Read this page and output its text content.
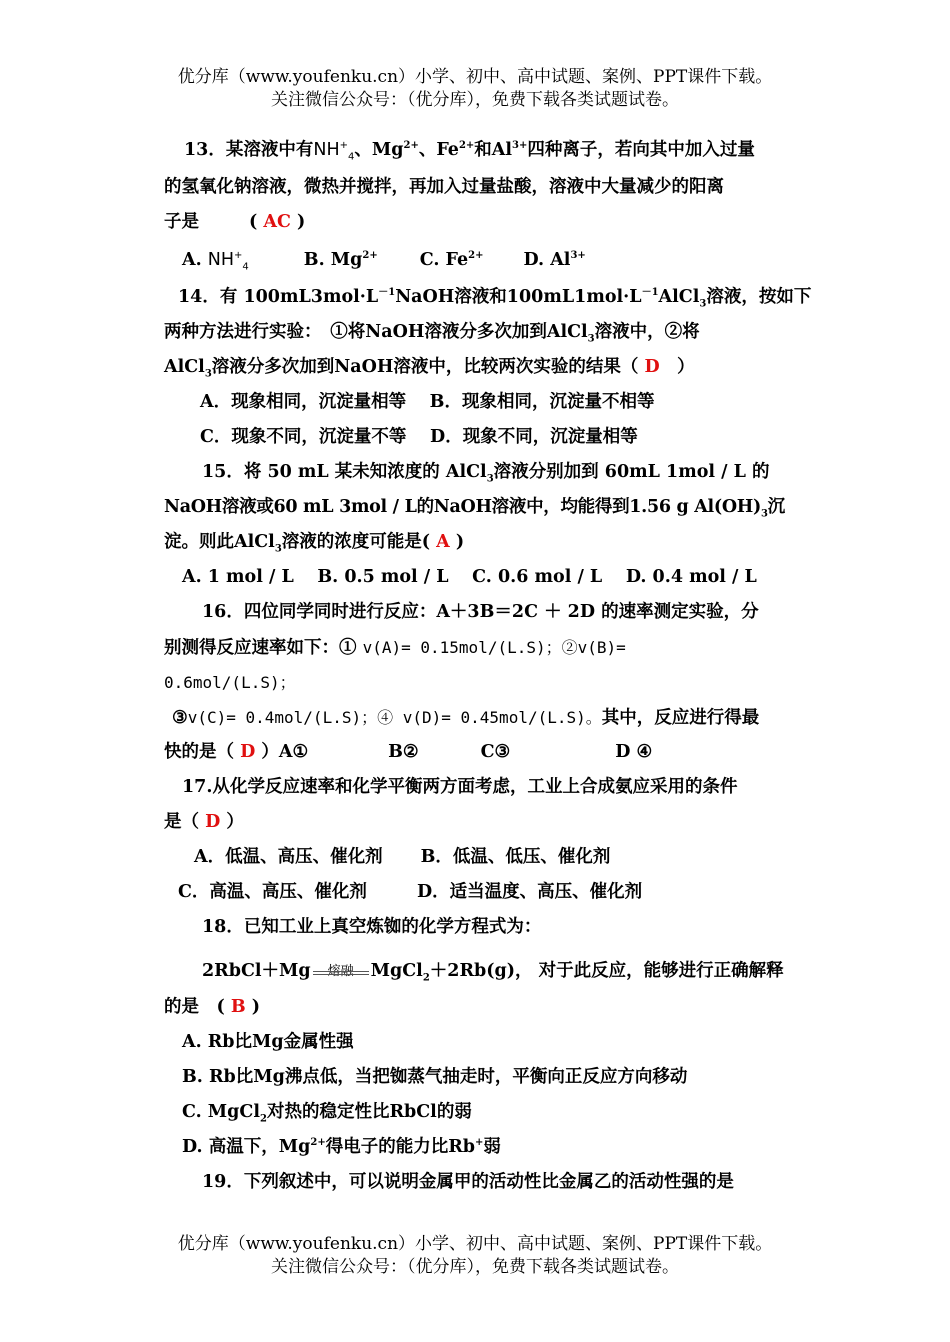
优分库（www.youfenku.cn）小学、初中、高中试题、案例、PPT课件下载。
关注微信公众号：（优分库），免费下载各类试题试卷。
13．某溶液中有$NH^+_4$、$Mg^{2+}$、$Fe^{2+}$和$Al^{3+}$四种离子，若向其中加入过量
的氢氧化钠溶液，微热并搅拌，再加入过量盐酸，溶液中大量减少的阳离
子是	( AC )
A. $NH^+_4$	B. $Mg^{2+}$ C. $Fe^{2+}$ D. $Al^{3+}$
14．有 $100mL3mol\cdot L^{-1}NaOH$溶液和$100mL1mol\cdot L^{-1}AlCl_3$溶液，按如下
两种方法进行实验：　①将NaOH溶液分多次加到AlCl$_3$溶液中，②将
AlCl$_3$溶液分多次加到NaOH溶液中，比较两次实验的结果（ D　）
A．现象相同，沉淀量相等　 B．现象相同，沉淀量不相等
C．现象不同，沉淀量不等　 D．现象不同，沉淀量相等
15．将 50 mL 某未知浓度的 AlCl$_3$溶液分别加到 60mL 1mol / L 的
NaOH溶液或60 mL 3mol / L的NaOH溶液中，均能得到1.56 g $Al(OH)_3$沉
淀。则此AlCl$_3$溶液的浓度可能是( A )
A. 1 mol / L　 B. 0.5 mol / L　 C. 0.6 mol / L　 D. 0.4 mol / L
16．四位同学同时进行反应：A＋3B＝2C ＋ 2D 的速率测定实验，分
别测得反应速率如下：① v(A)= 0.15mol/(L.S)；②v(B)=
0.6mol/(L.S)；
③v(C)= 0.4mol/(L.S)；④ v(D)= 0.45mol/(L.S)。其中，反应进行得最
快的是（ D ）A①	B②	C③	D ④
17.从化学反应速率和化学平衡两方面考虑，工业上合成氨应采用的条件
是（ D ）
A．低温、高压、催化剂 B．低温、低压、催化剂
C．高温、高压、催化剂	D．适当温度、高压、催化剂
18．已知工业上真空炼铷的化学方程式为：
2RbCl＋Mg	熔融 MgCl$_2$＋2Rb(g)， 对于此反应，能够进行正确解释
的是　( B )
A. Rb比Mg金属性强
B. Rb比Mg沸点低，当把铷蒸气抽走时，平衡向正反应方向移动
C. MgCl$_2$对热的稳定性比RbCl的弱
D. 高温下，$Mg^{2+}$得电子的能力比Rb+弱
19．下列叙述中，可以说明金属甲的活动性比金属乙的活动性强的是
优分库（www.youfenku.cn）小学、初中、高中试题、案例、PPT课件下载。
关注微信公众号：（优分库），免费下载各类试题试卷。
